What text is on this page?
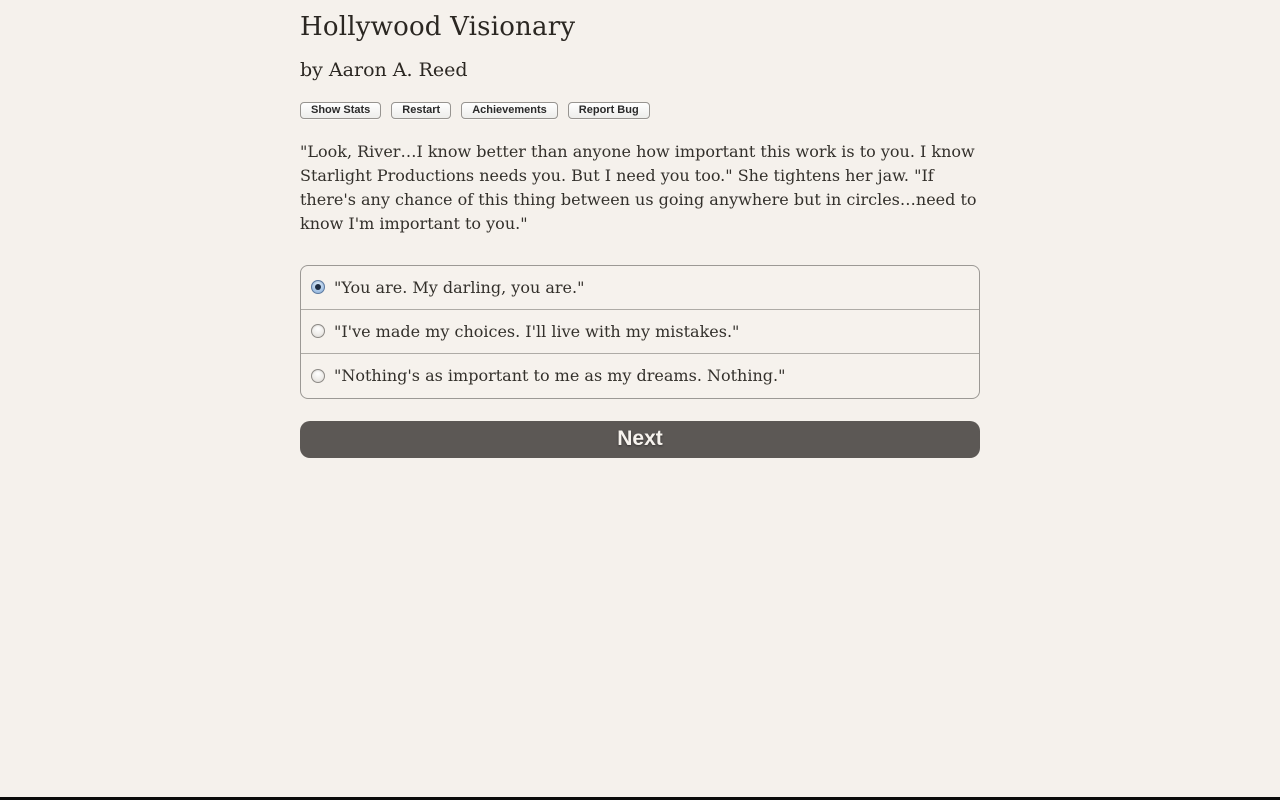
Hollywood Visionary
by Aaron A. Reed
Show Stats	Restart	Achievements	Report Bug
"Look, River…I know better than anyone how important this work is to you. I know Starlight Productions needs you. But I need you too." She tightens her jaw. "If there's any chance of this thing between us going anywhere but in circles…need to know I'm important to you."
"You are. My darling, you are."
"I've made my choices. I'll live with my mistakes."
"Nothing's as important to me as my dreams. Nothing."
Next
